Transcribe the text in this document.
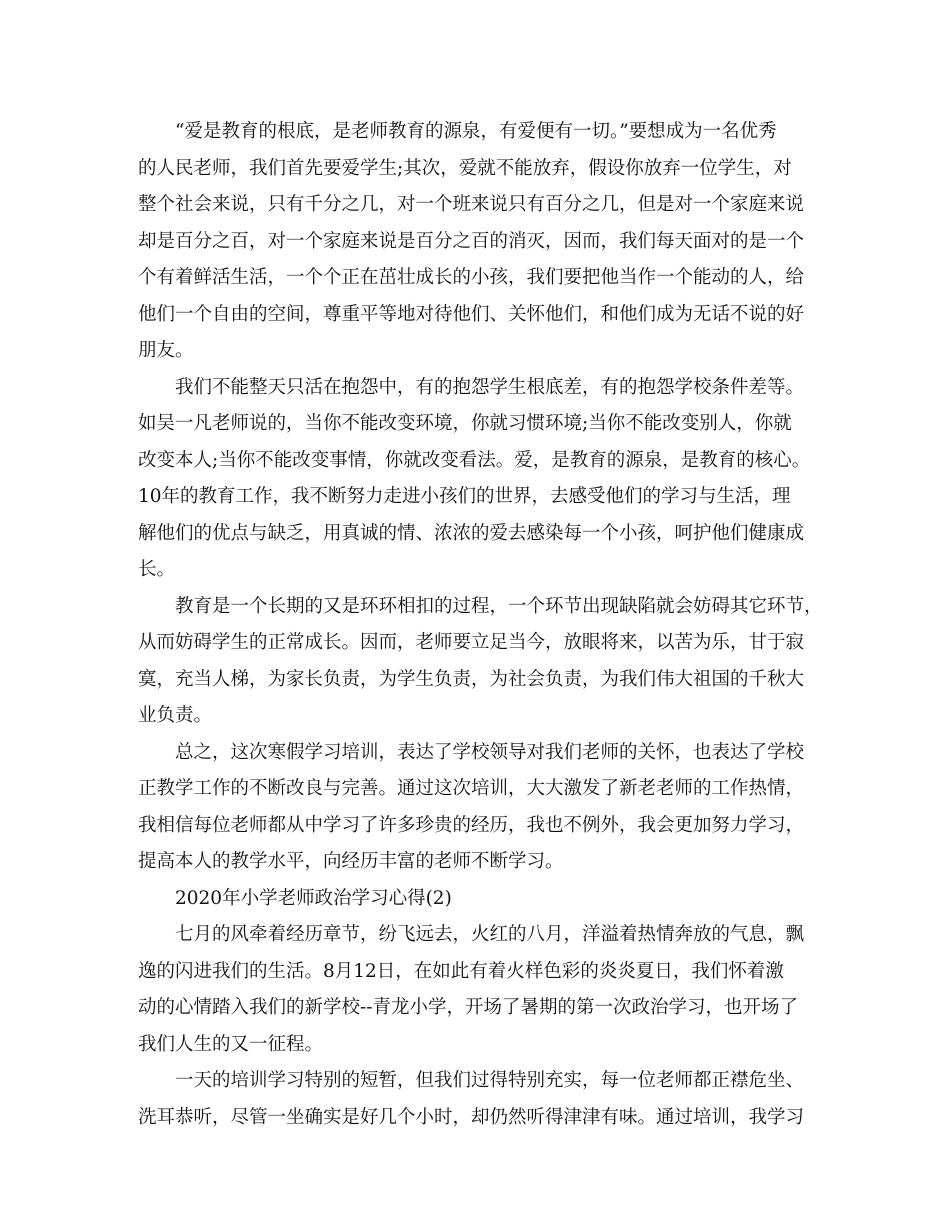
“爱是教育的根底，是老师教育的源泉，有爱便有一切。”要想成为一名优秀
的人民老师，我们首先要爱学生;其次，爱就不能放弃，假设你放弃一位学生，对
整个社会来说，只有千分之几，对一个班来说只有百分之几，但是对一个家庭来说
却是百分之百，对一个家庭来说是百分之百的消灭，因而，我们每天面对的是一个
个有着鲜活生活，一个个正在茁壮成长的小孩，我们要把他当作一个能动的人，给
他们一个自由的空间，尊重平等地对待他们、关怀他们，和他们成为无话不说的好
朋友。

我们不能整天只活在抱怨中，有的抱怨学生根底差，有的抱怨学校条件差等。
如吴一凡老师说的，当你不能改变环境，你就习惯环境;当你不能改变别人，你就
改变本人;当你不能改变事情，你就改变看法。爱，是教育的源泉，是教育的核心。
10年的教育工作，我不断努力走进小孩们的世界，去感受他们的学习与生活，理
解他们的优点与缺乏，用真诚的情、浓浓的爱去感染每一个小孩，呵护他们健康成
长。

教育是一个长期的又是环环相扣的过程，一个环节出现缺陷就会妨碍其它环节，
从而妨碍学生的正常成长。因而，老师要立足当今，放眼将来，以苦为乐，甘于寂
寞，充当人梯，为家长负责，为学生负责，为社会负责，为我们伟大祖国的千秋大
业负责。

总之，这次寒假学习培训，表达了学校领导对我们老师的关怀，也表达了学校
正教学工作的不断改良与完善。通过这次培训，大大激发了新老老师的工作热情，
我相信每位老师都从中学习了许多珍贵的经历，我也不例外，我会更加努力学习，
提高本人的教学水平，向经历丰富的老师不断学习。

2020年小学老师政治学习心得(2)

七月的风牵着经历章节，纷飞远去，火红的八月，洋溢着热情奔放的气息，飘
逸的闪进我们的生活。8月12日，在如此有着火样色彩的炎炎夏日，我们怀着激
动的心情踏入我们的新学校--青龙小学，开场了暑期的第一次政治学习，也开场了
我们人生的又一征程。

一天的培训学习特别的短暂，但我们过得特别充实，每一位老师都正襟危坐、
洗耳恭听，尽管一坐确实是好几个小时，却仍然听得津津有味。通过培训，我学习
